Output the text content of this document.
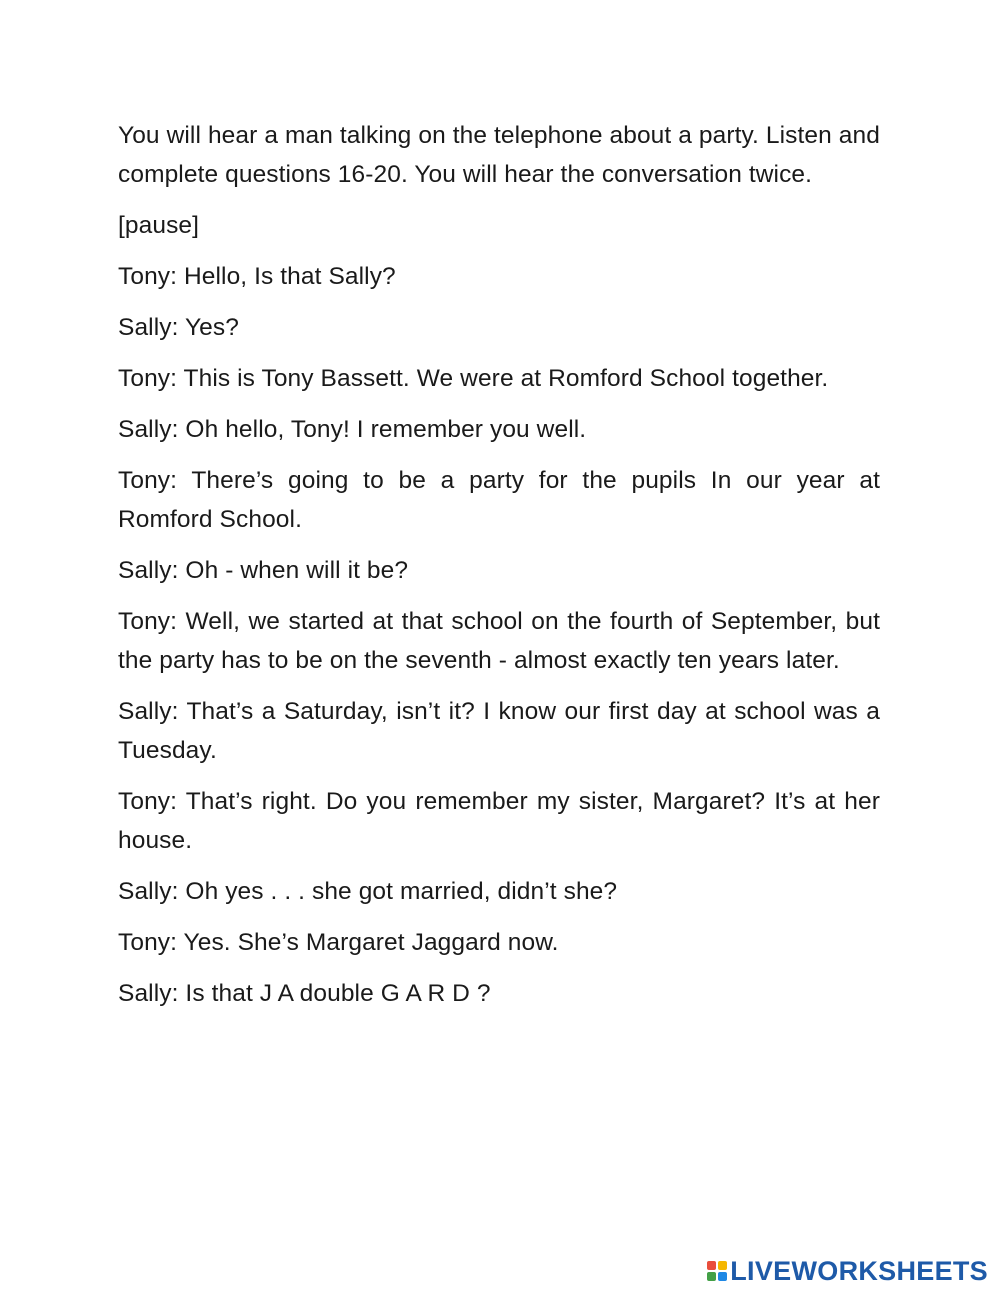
You will hear a man talking on the telephone about a party. Listen and complete questions 16-20. You will hear the conversation twice.

[pause]

Tony: Hello, Is that Sally?

Sally: Yes?

Tony: This is Tony Bassett. We were at Romford School together.

Sally: Oh hello, Tony! I remember you well.

Tony: There’s going to be a party for the pupils In our year at Romford School.

Sally: Oh - when will it be?

Tony: Well, we started at that school on the fourth of September, but the party has to be on the seventh - almost exactly ten years later.

Sally: That’s a Saturday, isn’t it? I know our first day at school was a Tuesday.

Tony: That’s right. Do you remember my sister, Margaret? It’s at her house.

Sally: Oh yes . . . she got married, didn’t she?

Tony: Yes. She’s Margaret Jaggard now.

Sally: Is that J A double G A R D ?

LIVEWORKSHEETS
